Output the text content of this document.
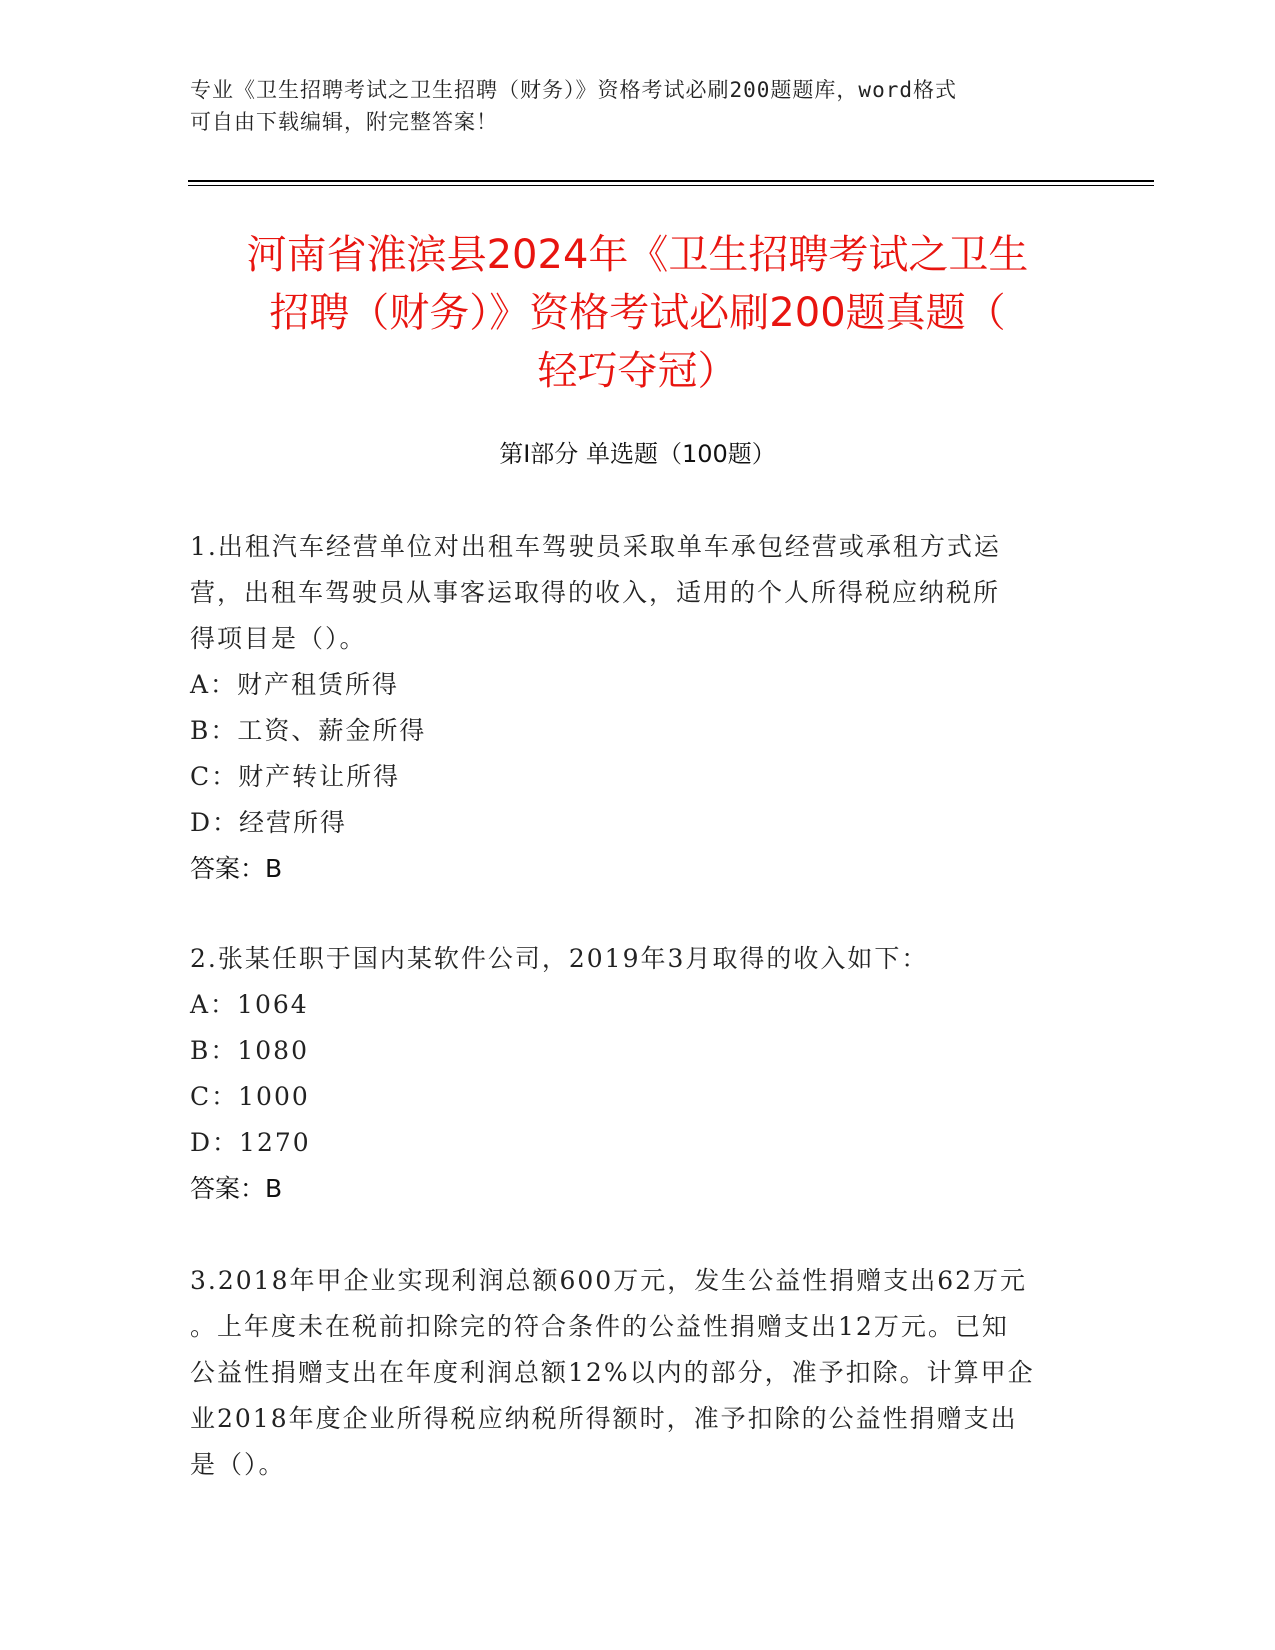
专业《卫生招聘考试之卫生招聘（财务）》资格考试必刷200题题库，word格式
可自由下载编辑，附完整答案！
河南省淮滨县2024年《卫生招聘考试之卫生
招聘（财务）》资格考试必刷200题真题（
轻巧夺冠）
第I部分 单选题（100题）

1.出租汽车经营单位对出租车驾驶员采取单车承包经营或承租方式运

营，出租车驾驶员从事客运取得的收入，适用的个人所得税应纳税所

得项目是（）。

A：财产租赁所得

B：工资、薪金所得

C：财产转让所得

D：经营所得

答案：B

2.张某任职于国内某软件公司，2019年3月取得的收入如下：

A：1064

B：1080

C：1000

D：1270

答案：B

3.2018年甲企业实现利润总额600万元，发生公益性捐赠支出62万元

。上年度未在税前扣除完的符合条件的公益性捐赠支出12万元。已知

公益性捐赠支出在年度利润总额12%以内的部分，准予扣除。计算甲企

业2018年度企业所得税应纳税所得额时，准予扣除的公益性捐赠支出

是（）。
